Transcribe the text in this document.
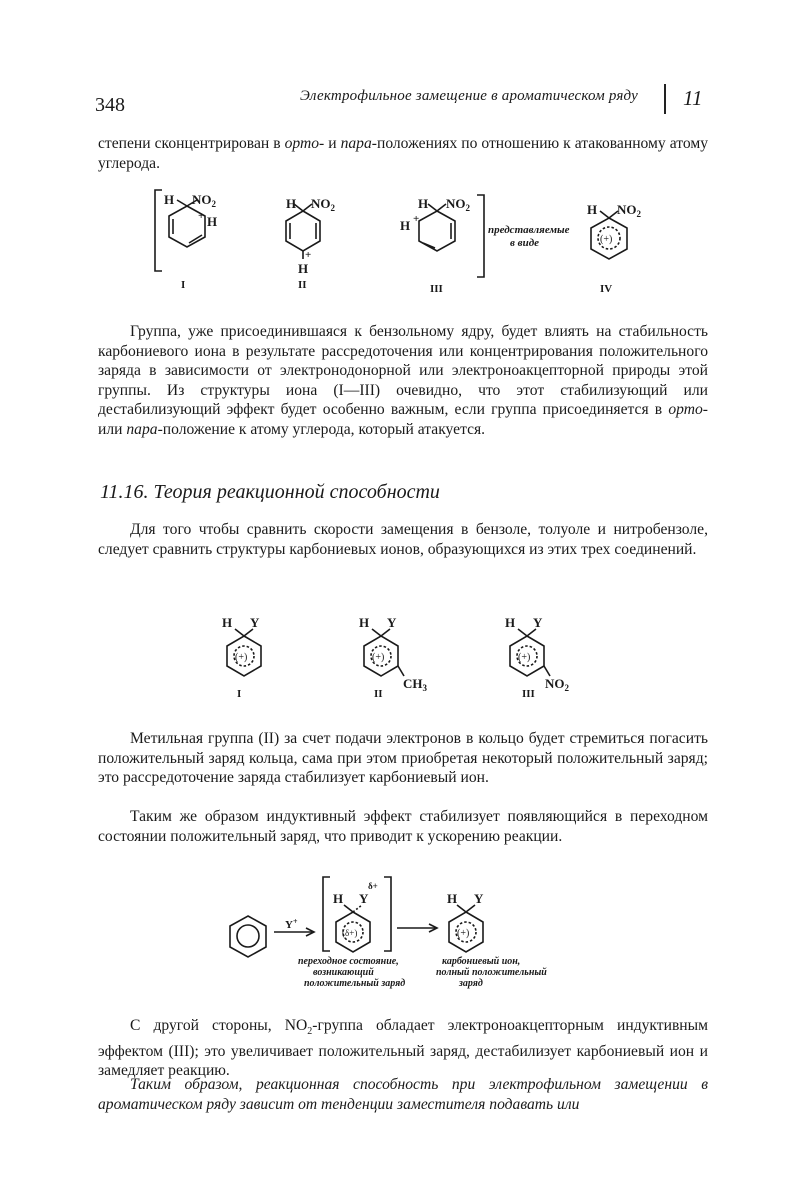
348	Электрофильное замещение в ароматическом ряду 11

степени сконцентрирован в орто- и пара-положениях по отношению к атакованному атому углерода.

H $NO_2$
+ H
H $NO_2$
+
H
H $NO_2$
H +
H $NO_2$
(+)
представляемые
в виде
I	II	III	IV
H Y	H Y
$CH_3$
H Y
$NO_2$
(+)	(+)	(+)
I	II	III
Y+
δ+
H Y	H Y
(δ+)	(+)
переходное состояние,
возникающий
положительный заряд
карбониевый ион,
полный положительный
заряд

Группа, уже присоединившаяся к бензольному ядру, будет влиять на стабильность карбониевого иона в результате рассредоточения или концентрирования положительного заряда в зависимости от электронодонорной или электроноакцепторной природы этой группы. Из структуры иона (I—III) очевидно, что этот стабилизующий или дестабилизующий эффект будет особенно важным, если группа присоединяется в орто- или пара-положение к атому углерода, который атакуется.

11.16. Теория реакционной способности

Для того чтобы сравнить скорости замещения в бензоле, толуоле и нитробензоле, следует сравнить структуры карбониевых ионов, образующихся из этих трех соединений.

Метильная группа (II) за счет подачи электронов в кольцо будет стремиться погасить положительный заряд кольца, сама при этом приобретая некоторый положительный заряд; это рассредоточение заряда стабилизует карбониевый ион.

Таким же образом индуктивный эффект стабилизует появляющийся в переходном состоянии положительный заряд, что приводит к ускорению реакции.

С другой стороны, $NO_2$-группа обладает электроноакцепторным индуктивным эффектом (III); это увеличивает положительный заряд, дестабилизует карбониевый ион и замедляет реакцию.

Таким образом, реакционная способность при электрофильном замещении в ароматическом ряду зависит от тенденции заместителя подавать или
